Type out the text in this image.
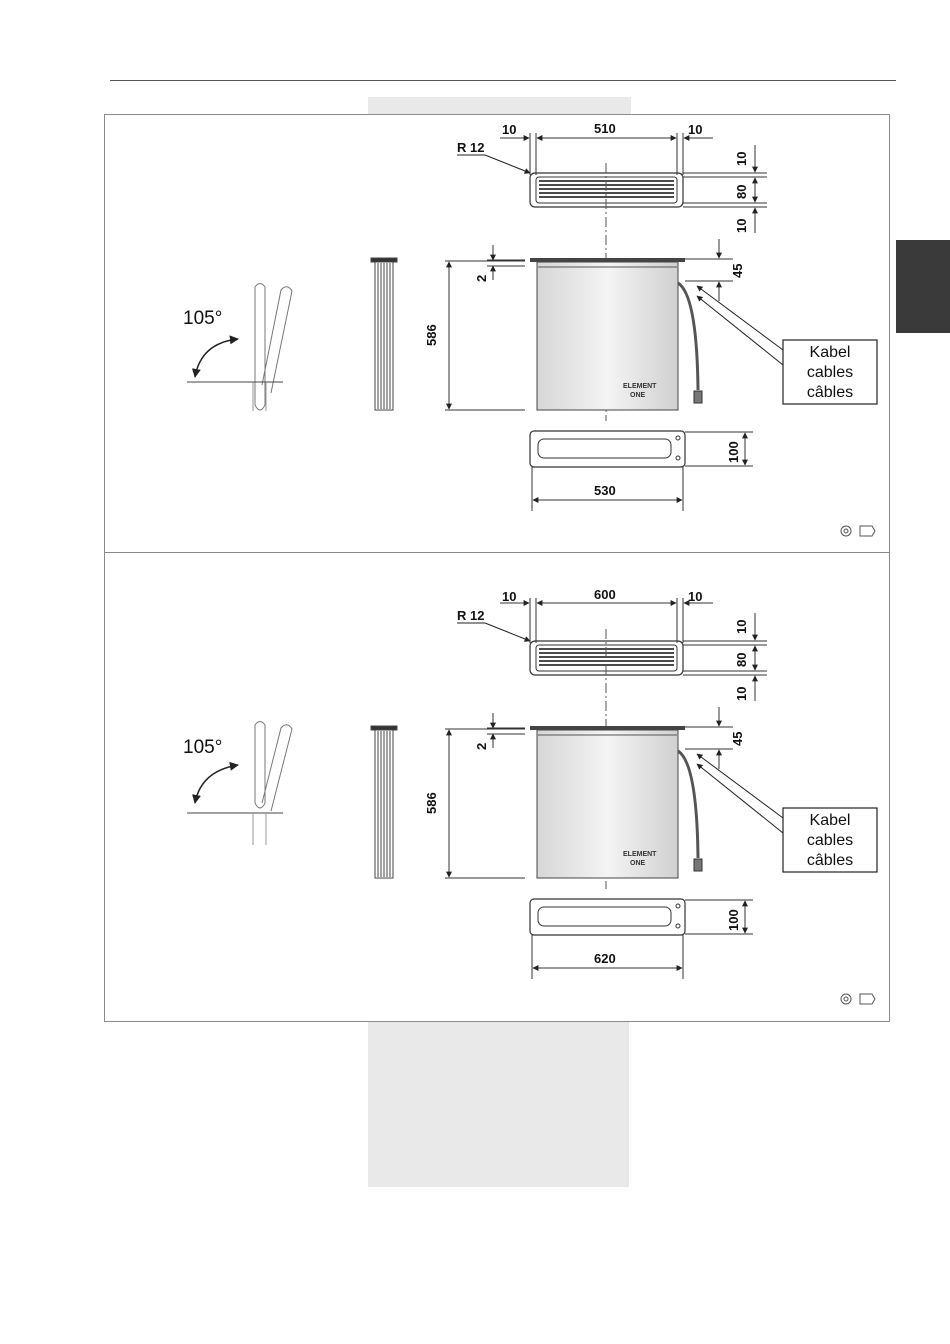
105°
586
2
10	510	10
R 12
10
80
10
ELEMENT
ONE
45
Kabel
cables
câbles
100
530
105°
586
2
10	600	10
R 12
10
80
10
ELEMENT
ONE
45
Kabel
cables
câbles
100
620
